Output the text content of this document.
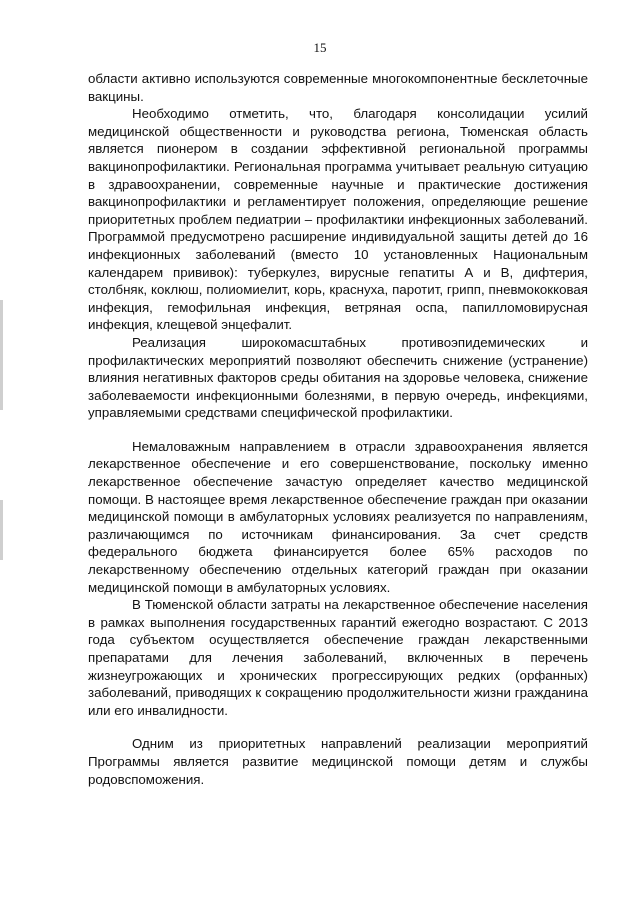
15

области активно используются современные многокомпонентные бесклеточные вакцины.

Необходимо отметить, что, благодаря консолидации усилий медицинской общественности и руководства региона, Тюменская область является пионером в создании эффективной региональной программы вакцинопрофилактики. Региональная программа учитывает реальную ситуацию в здравоохранении, современные научные и практические достижения вакцинопрофилактики и регламентирует положения, определяющие решение приоритетных проблем педиатрии – профилактики инфекционных заболеваний. Программой предусмотрено расширение индивидуальной защиты детей до 16 инфекционных заболеваний (вместо 10 установленных Национальным календарем прививок): туберкулез, вирусные гепатиты А и В, дифтерия, столбняк, коклюш, полиомиелит, корь, краснуха, паротит, грипп, пневмококковая инфекция, гемофильная инфекция, ветряная оспа, папилломовирусная инфекция, клещевой энцефалит.

Реализация широкомасштабных противоэпидемических и профилактических мероприятий позволяют обеспечить снижение (устранение) влияния негативных факторов среды обитания на здоровье человека, снижение заболеваемости инфекционными болезнями, в первую очередь, инфекциями, управляемыми средствами специфической профилактики.

Немаловажным направлением в отрасли здравоохранения является лекарственное обеспечение и его совершенствование, поскольку именно лекарственное обеспечение зачастую определяет качество медицинской помощи. В настоящее время лекарственное обеспечение граждан при оказании медицинской помощи в амбулаторных условиях реализуется по направлениям, различающимся по источникам финансирования. За счет средств федерального бюджета финансируется более 65% расходов по лекарственному обеспечению отдельных категорий граждан при оказании медицинской помощи в амбулаторных условиях.

В Тюменской области затраты на лекарственное обеспечение населения в рамках выполнения государственных гарантий ежегодно возрастают. С 2013 года субъектом осуществляется обеспечение граждан лекарственными препаратами для лечения заболеваний, включенных в перечень жизнеугрожающих и хронических прогрессирующих редких (орфанных) заболеваний, приводящих к сокращению продолжительности жизни гражданина или его инвалидности.

Одним из приоритетных направлений реализации мероприятий Программы является развитие медицинской помощи детям и службы родовспоможения.
